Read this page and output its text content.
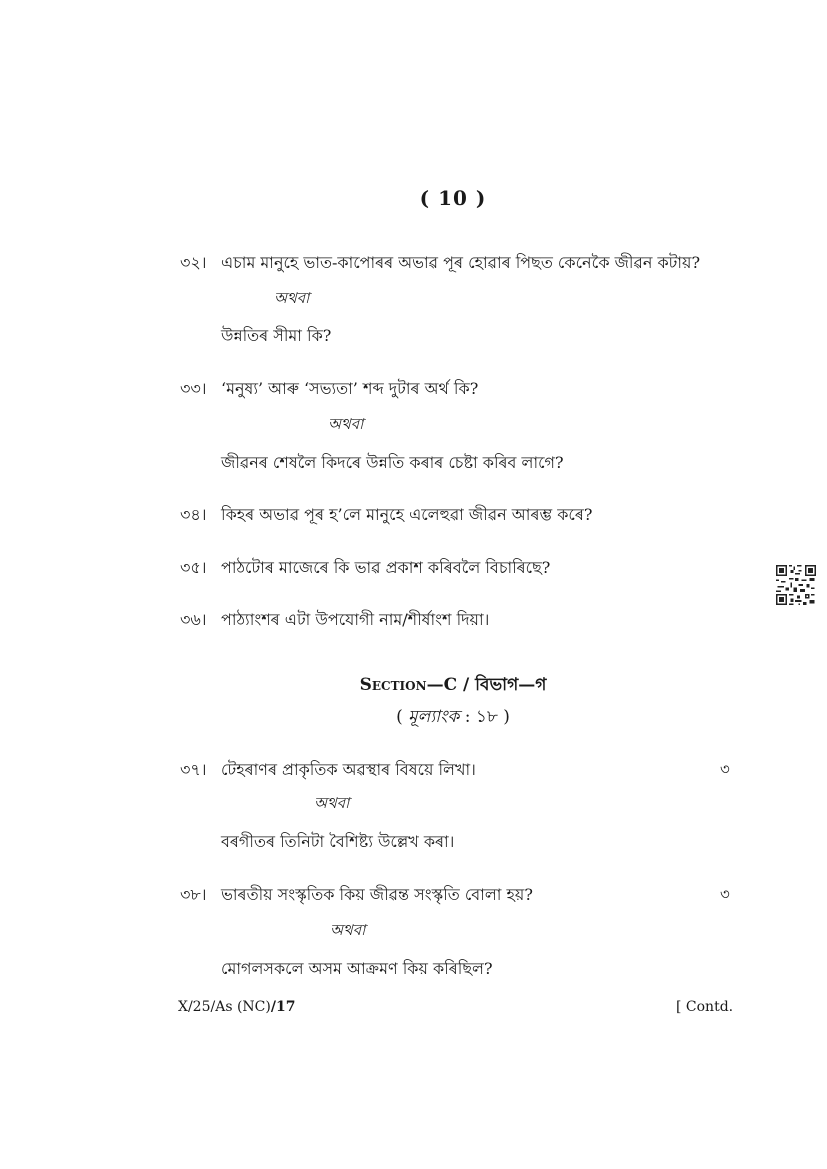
( 10 )
৩২। এচাম মানুহে ভাত-কাপোৰৰ অভাৱ পূৰ হোৱাৰ পিছত কেনেকৈ জীৱন কটায়?
অথবা
উন্নতিৰ সীমা কি?
৩৩। ‘মনুষ্য’ আৰু ‘সভ্যতা’ শব্দ দুটাৰ অৰ্থ কি?
অথবা
জীৱনৰ শেষলৈ কিদৰে উন্নতি কৰাৰ চেষ্টা কৰিব লাগে?
৩৪। কিহৰ অভাৱ পূৰ হ’লে মানুহে এলেহুৱা জীৱন আৰম্ভ কৰে?
৩৫। পাঠটোৰ মাজেৰে কি ভাৱ প্ৰকাশ কৰিবলৈ বিচাৰিছে?
৩৬। পাঠ্যাংশৰ এটা উপযোগী নাম/শীৰ্ষাংশ দিয়া।
Section—C / বিভাগ—গ
( মূল্যাংক : ১৮ )
৩৭। টেহৰাণৰ প্ৰাকৃতিক অৱস্থাৰ বিষয়ে লিখা।	৩
অথবা
বৰগীতৰ তিনিটা বৈশিষ্ট্য উল্লেখ কৰা।
৩৮। ভাৰতীয় সংস্কৃতিক কিয় জীৱন্ত সংস্কৃতি বোলা হয়?	৩
অথবা
মোগলসকলে অসম আক্ৰমণ কিয় কৰিছিল?
X/25/As (NC)/17	[ Contd.
